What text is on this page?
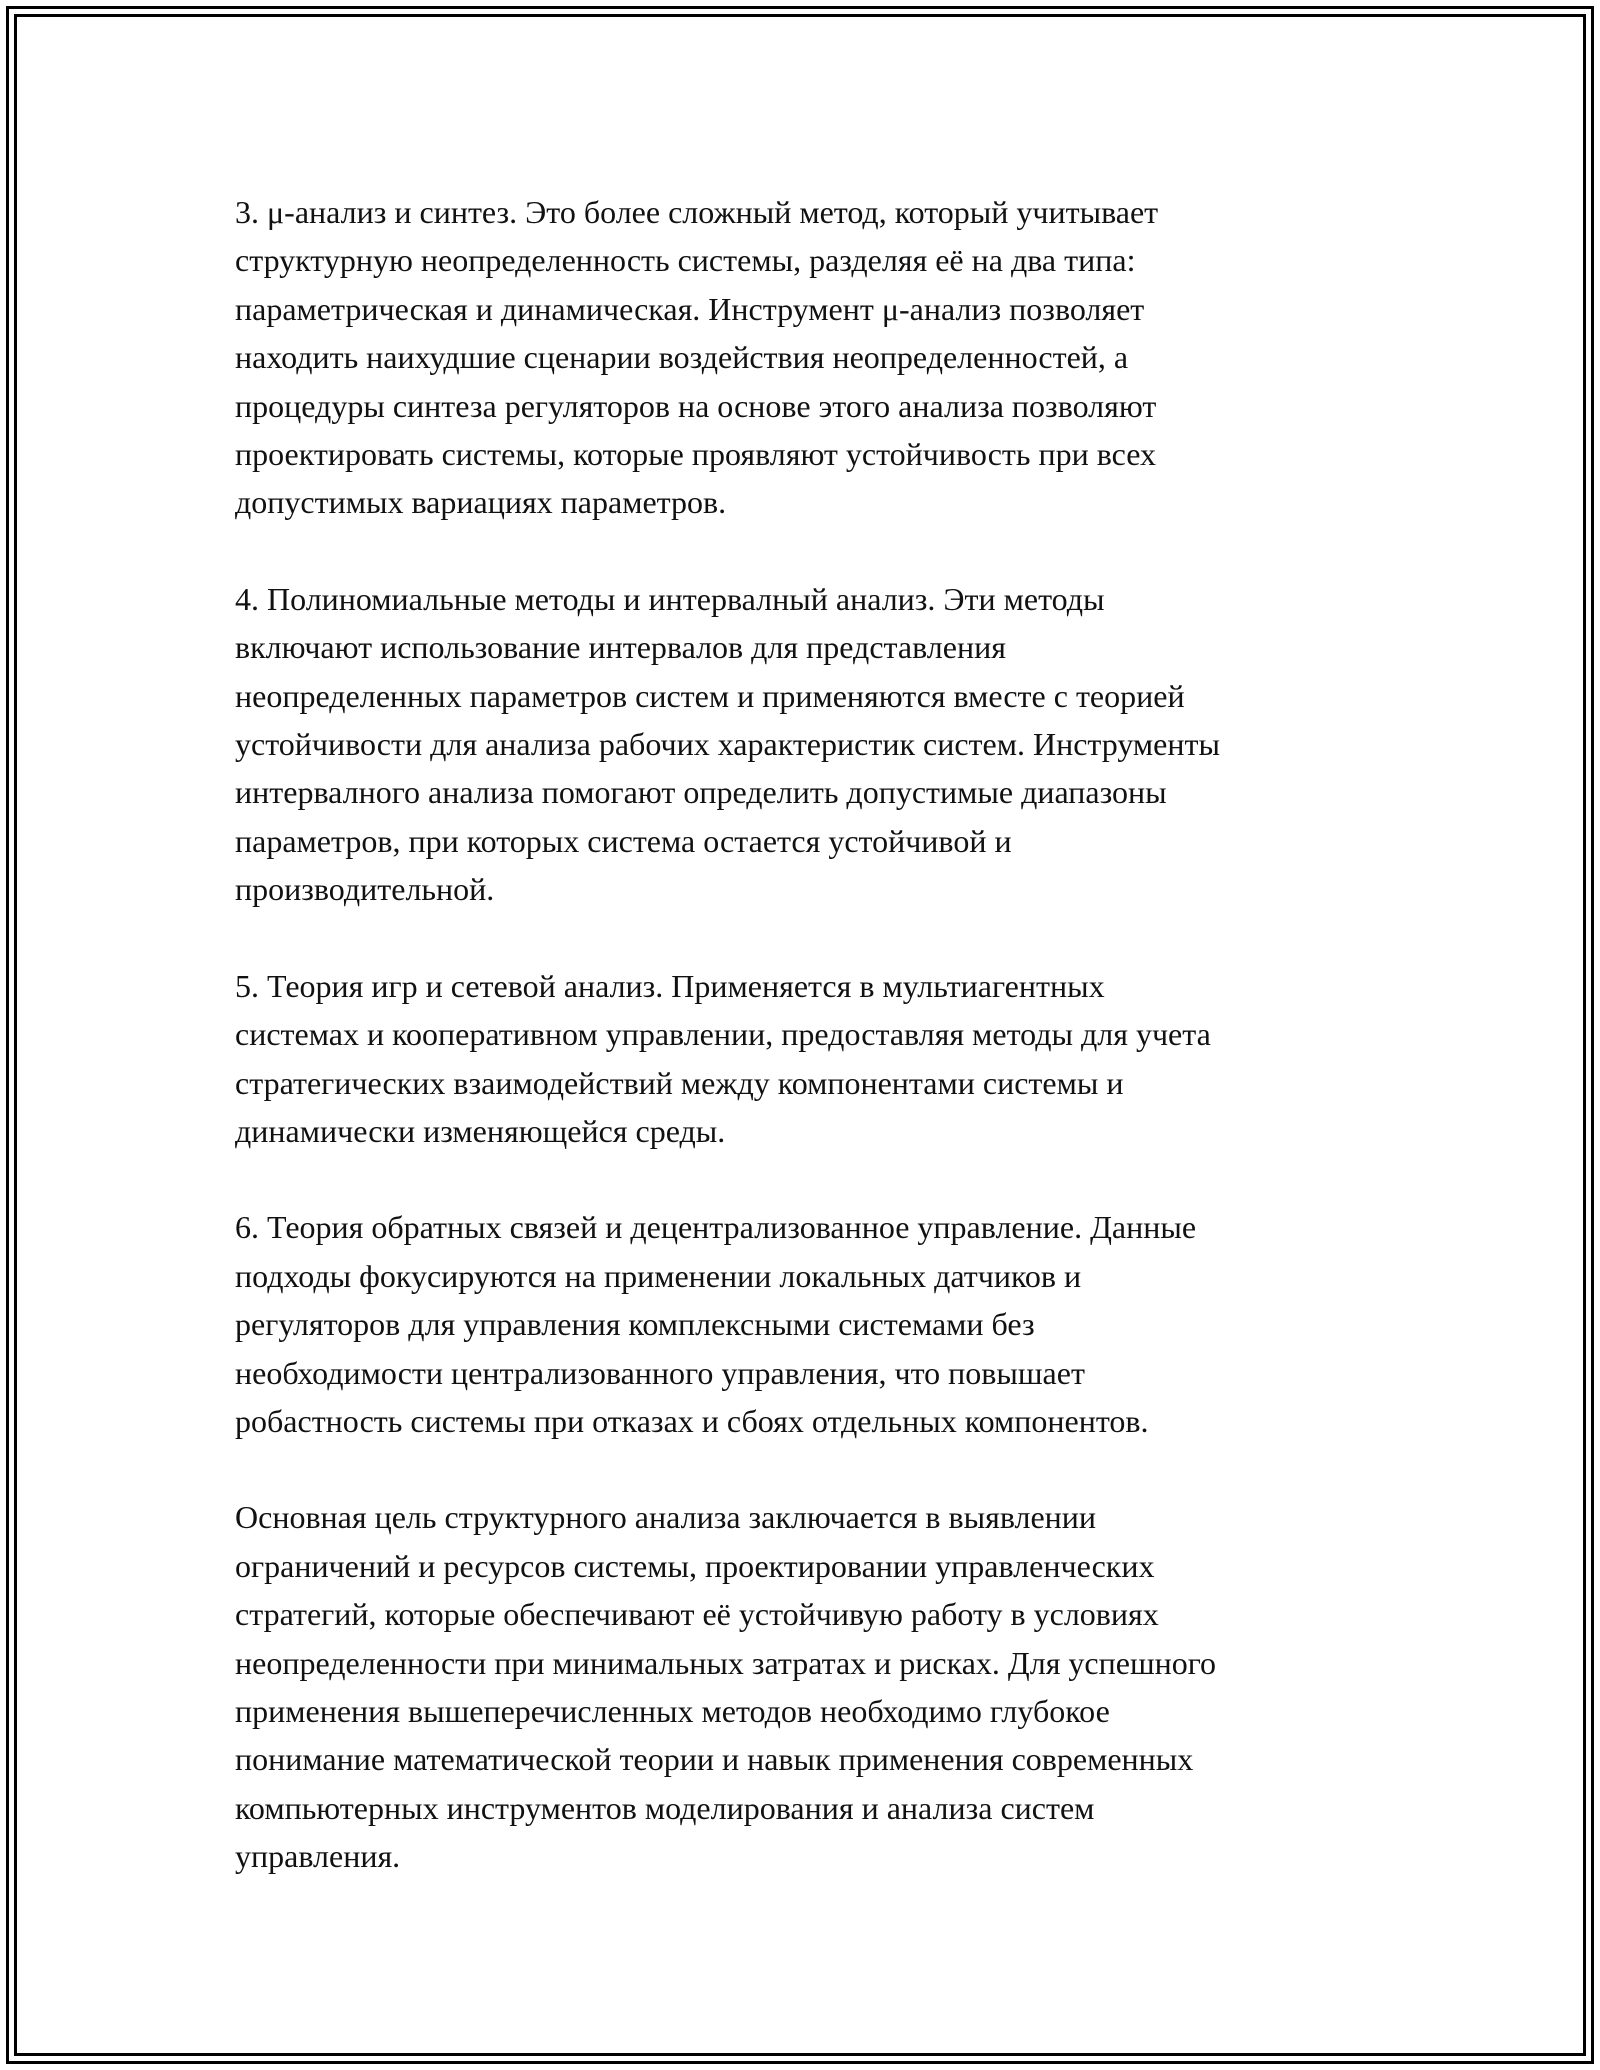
3. μ-анализ и синтез. Это более сложный метод, который учитывает
структурную неопределенность системы, разделяя её на два типа:
параметрическая и динамическая. Инструмент μ-анализ позволяет
находить наихудшие сценарии воздействия неопределенностей, а
процедуры синтеза регуляторов на основе этого анализа позволяют
проектировать системы, которые проявляют устойчивость при всех
допустимых вариациях параметров.

4. Полиномиальные методы и интервалный анализ. Эти методы
включают использование интервалов для представления
неопределенных параметров систем и применяются вместе с теорией
устойчивости для анализа рабочих характеристик систем. Инструменты
интервалного анализа помогают определить допустимые диапазоны
параметров, при которых система остается устойчивой и
производительной.

5. Теория игр и сетевой анализ. Применяется в мультиагентных
системах и кооперативном управлении, предоставляя методы для учета
стратегических взаимодействий между компонентами системы и
динамически изменяющейся среды.

6. Теория обратных связей и децентрализованное управление. Данные
подходы фокусируются на применении локальных датчиков и
регуляторов для управления комплексными системами без
необходимости централизованного управления, что повышает
робастность системы при отказах и сбоях отдельных компонентов.

Основная цель структурного анализа заключается в выявлении
ограничений и ресурсов системы, проектировании управленческих
стратегий, которые обеспечивают её устойчивую работу в условиях
неопределенности при минимальных затратах и рисках. Для успешного
применения вышеперечисленных методов необходимо глубокое
понимание математической теории и навык применения современных
компьютерных инструментов моделирования и анализа систем
управления.
